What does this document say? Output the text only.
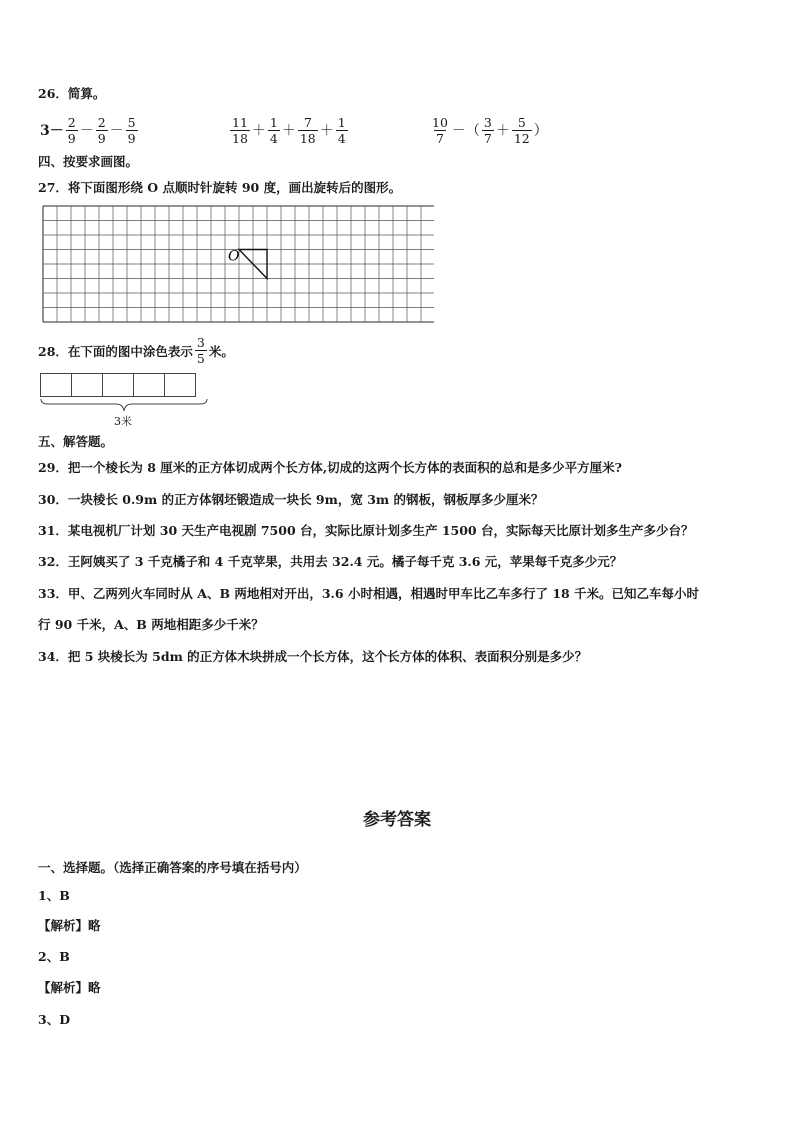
26．简算。
$3- \frac{2}{9} - \frac{2}{9} - \frac{5}{9}$	$\frac{11}{18} + \frac{1}{4} + \frac{7}{18} + \frac{1}{4}$	$\frac{10}{7}$ －（ $\frac{3}{7} + \frac{5}{12}$ ）
四、按要求画图。
27．将下面图形绕 O 点顺时针旋转 90 度，画出旋转后的图形。
O
28．在下面的图中涂色表示 $\frac{3}{5}$ 米。
3米
五、解答题。
29．把一个棱长为 8 厘米的正方体切成两个长方体,切成的这两个长方体的表面积的总和是多少平方厘米?
30．一块棱长 0.9m 的正方体钢坯锻造成一块长 9m，宽 3m 的钢板，钢板厚多少厘米？
31．某电视机厂计划 30 天生产电视剧 7500 台，实际比原计划多生产 1500 台，实际每天比原计划多生产多少台？
32．王阿姨买了 3 千克橘子和 4 千克苹果，共用去 32.4 元。橘子每千克 3.6 元，苹果每千克多少元？
33．甲、乙两列火车同时从 A、B 两地相对开出，3.6 小时相遇，相遇时甲车比乙车多行了 18 千米。已知乙车每小时
行 90 千米，A、B 两地相距多少千米？
34．把 5 块棱长为 5dm 的正方体木块拼成一个长方体，这个长方体的体积、表面积分别是多少？
参考答案
一、选择题。（选择正确答案的序号填在括号内）
1、B
【解析】略
2、B
【解析】略
3、D
